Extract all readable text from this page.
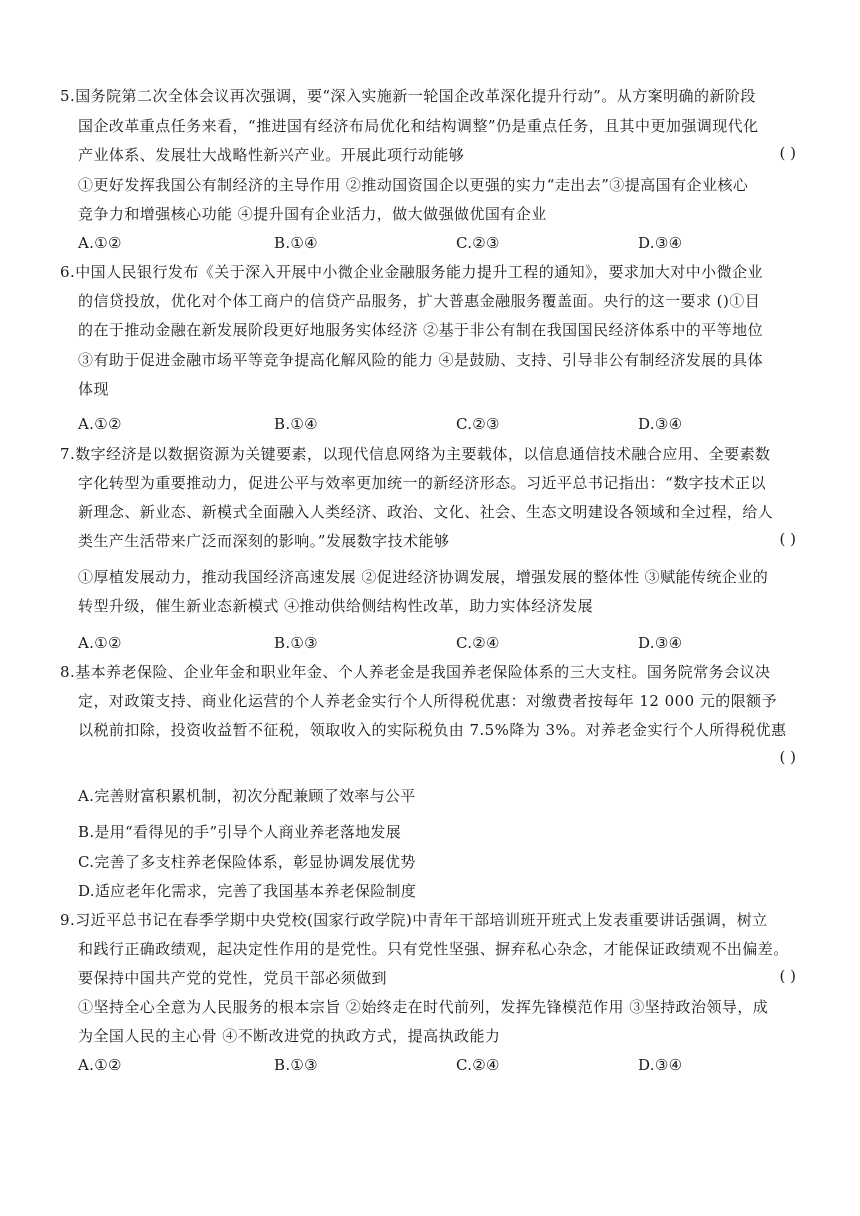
5.国务院第二次全体会议再次强调，要“深入实施新一轮国企改革深化提升行动”。从方案明确的新阶段
国企改革重点任务来看，“推进国有经济布局优化和结构调整”仍是重点任务，且其中更加强调现代化
产业体系、发展壮大战略性新兴产业。开展此项行动能够	( )
①更好发挥我国公有制经济的主导作用 ②推动国资国企以更强的实力“走出去”③提高国有企业核心
竞争力和增强核心功能 ④提升国有企业活力，做大做强做优国有企业
A.①②	B.①④	C.②③	D.③④
6.中国人民银行发布《关于深入开展中小微企业金融服务能力提升工程的通知》，要求加大对中小微企业
的信贷投放，优化对个体工商户的信贷产品服务，扩大普惠金融服务覆盖面。央行的这一要求 ()①目
的在于推动金融在新发展阶段更好地服务实体经济 ②基于非公有制在我国国民经济体系中的平等地位
③有助于促进金融市场平等竞争提高化解风险的能力 ④是鼓励、支持、引导非公有制经济发展的具体
体现
A.①②	B.①④	C.②③	D.③④
7.数字经济是以数据资源为关键要素，以现代信息网络为主要载体，以信息通信技术融合应用、全要素数
字化转型为重要推动力，促进公平与效率更加统一的新经济形态。习近平总书记指出：“数字技术正以
新理念、新业态、新模式全面融入人类经济、政治、文化、社会、生态文明建设各领域和全过程，给人
类生产生活带来广泛而深刻的影响。”发展数字技术能够	( )
①厚植发展动力，推动我国经济高速发展 ②促进经济协调发展，增强发展的整体性 ③赋能传统企业的
转型升级，催生新业态新模式 ④推动供给侧结构性改革，助力实体经济发展
A.①②	B.①③	C.②④	D.③④
8.基本养老保险、企业年金和职业年金、个人养老金是我国养老保险体系的三大支柱。国务院常务会议决
定，对政策支持、商业化运营的个人养老金实行个人所得税优惠：对缴费者按每年 12 000 元的限额予
以税前扣除，投资收益暂不征税，领取收入的实际税负由 7.5%降为 3%。对养老金实行个人所得税优惠
( )
A.完善财富积累机制，初次分配兼顾了效率与公平
B.是用“看得见的手”引导个人商业养老落地发展
C.完善了多支柱养老保险体系，彰显协调发展优势
D.适应老年化需求，完善了我国基本养老保险制度
9.习近平总书记在春季学期中央党校(国家行政学院)中青年干部培训班开班式上发表重要讲话强调，树立
和践行正确政绩观，起决定性作用的是党性。只有党性坚强、摒弃私心杂念，才能保证政绩观不出偏差。
要保持中国共产党的党性，党员干部必须做到	( )
①坚持全心全意为人民服务的根本宗旨 ②始终走在时代前列，发挥先锋模范作用 ③坚持政治领导，成
为全国人民的主心骨 ④不断改进党的执政方式，提高执政能力
A.①②	B.①③	C.②④	D.③④
